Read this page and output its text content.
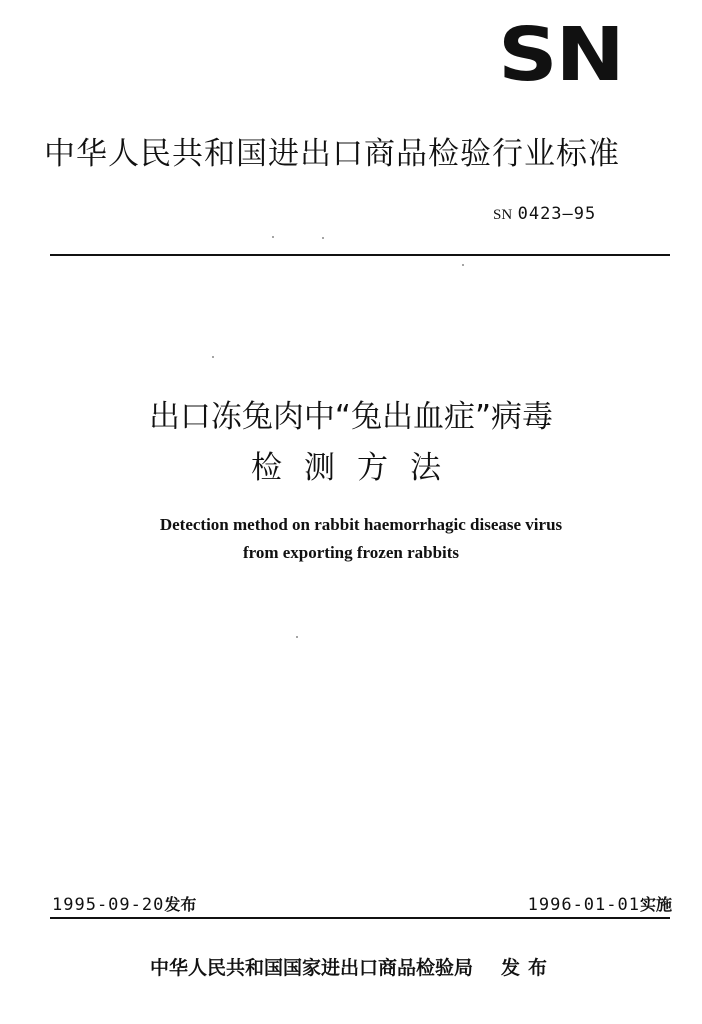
SN
中华人民共和国进出口商品检验行业标准
SN 0423—95
出口冻兔肉中“兔出血症”病毒
检测方法
Detection method on rabbit haemorrhagic disease virus
from exporting frozen rabbits
1995-09-20发布	1996-01-01实施
中华人民共和国国家进出口商品检验局 发布
